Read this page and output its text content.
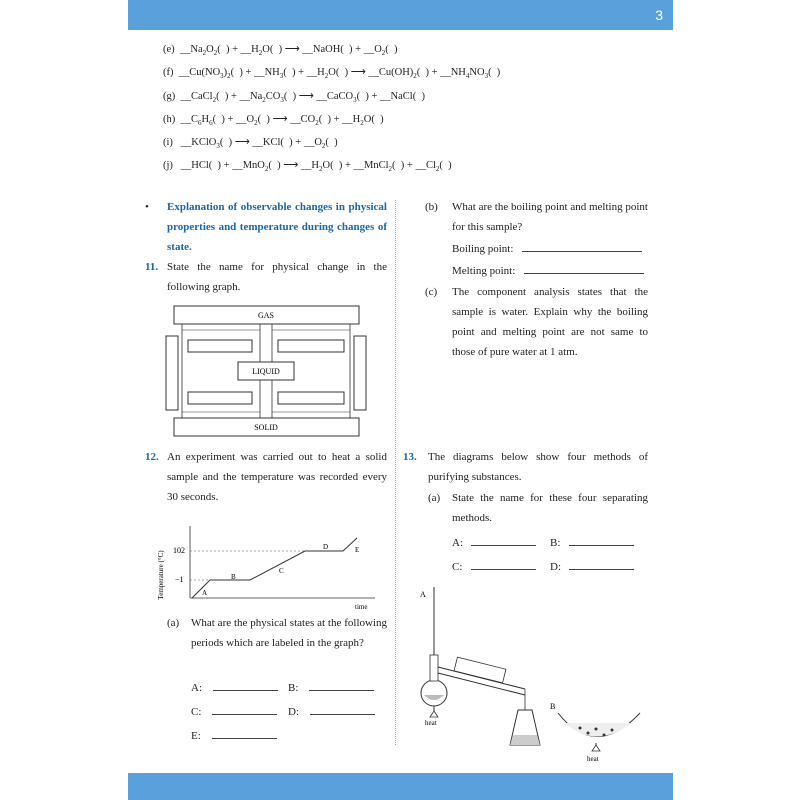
3
(e)  $\_\_Na_2O_2$(  ) + $\_\_H_2O$(  ) ⟶ __NaOH(  ) + $\_\_O_2$(  )
(f)  $\_\_Cu(NO_3)_2$(  ) + $\_\_NH_3$(  ) + $\_\_H_2O$(  ) ⟶ $\_\_Cu(OH)_2$(  ) + $\_\_NH_4NO_3$(  )
(g)  __CaCl$_2$(  ) + $\_\_Na_2CO_3$(  ) ⟶ __CaCO$_3$(  ) + __NaCl(  )
(h)  $\_\_C_6H_6$(  ) + $\_\_O_2$(  ) ⟶ $\_\_CO_2$(  ) + $\_\_H_2O$(  )
(i)   __KClO$_3$(  ) ⟶ __KCl(  ) + $\_\_O_2$(  )
(j)   __HCl(  ) + __MnO$_2$(  ) ⟶ $\_\_H_2O$(  ) + __MnCl$_2$(  ) + $\_\_Cl_2$(  )
• Explanation of observable changes in physical properties and temperature during changes of state.
11. State the name for physical change in the following graph.
GAS
SOLID
LIQUID
12. An experiment was carried out to heat a solid sample and the temperature was recorded every 30 seconds.
Temperature (°C) 102
−1
A
B
C
D	E
time
(a) What are the physical states at the following periods which are labeled in the graph?
A:	B:
C:	D:
E:
(b) What are the boiling point and melting point for this sample?
Boiling point:
Melting point:
(c) The component analysis states that the sample is water. Explain why the boiling point and melting point are not same to those of pure water at 1 atm.
13. The diagrams below show four methods of purifying substances.
(a) State the name for these four separating methods.
A:	B:
C:	D:
A
heat
B
heat
